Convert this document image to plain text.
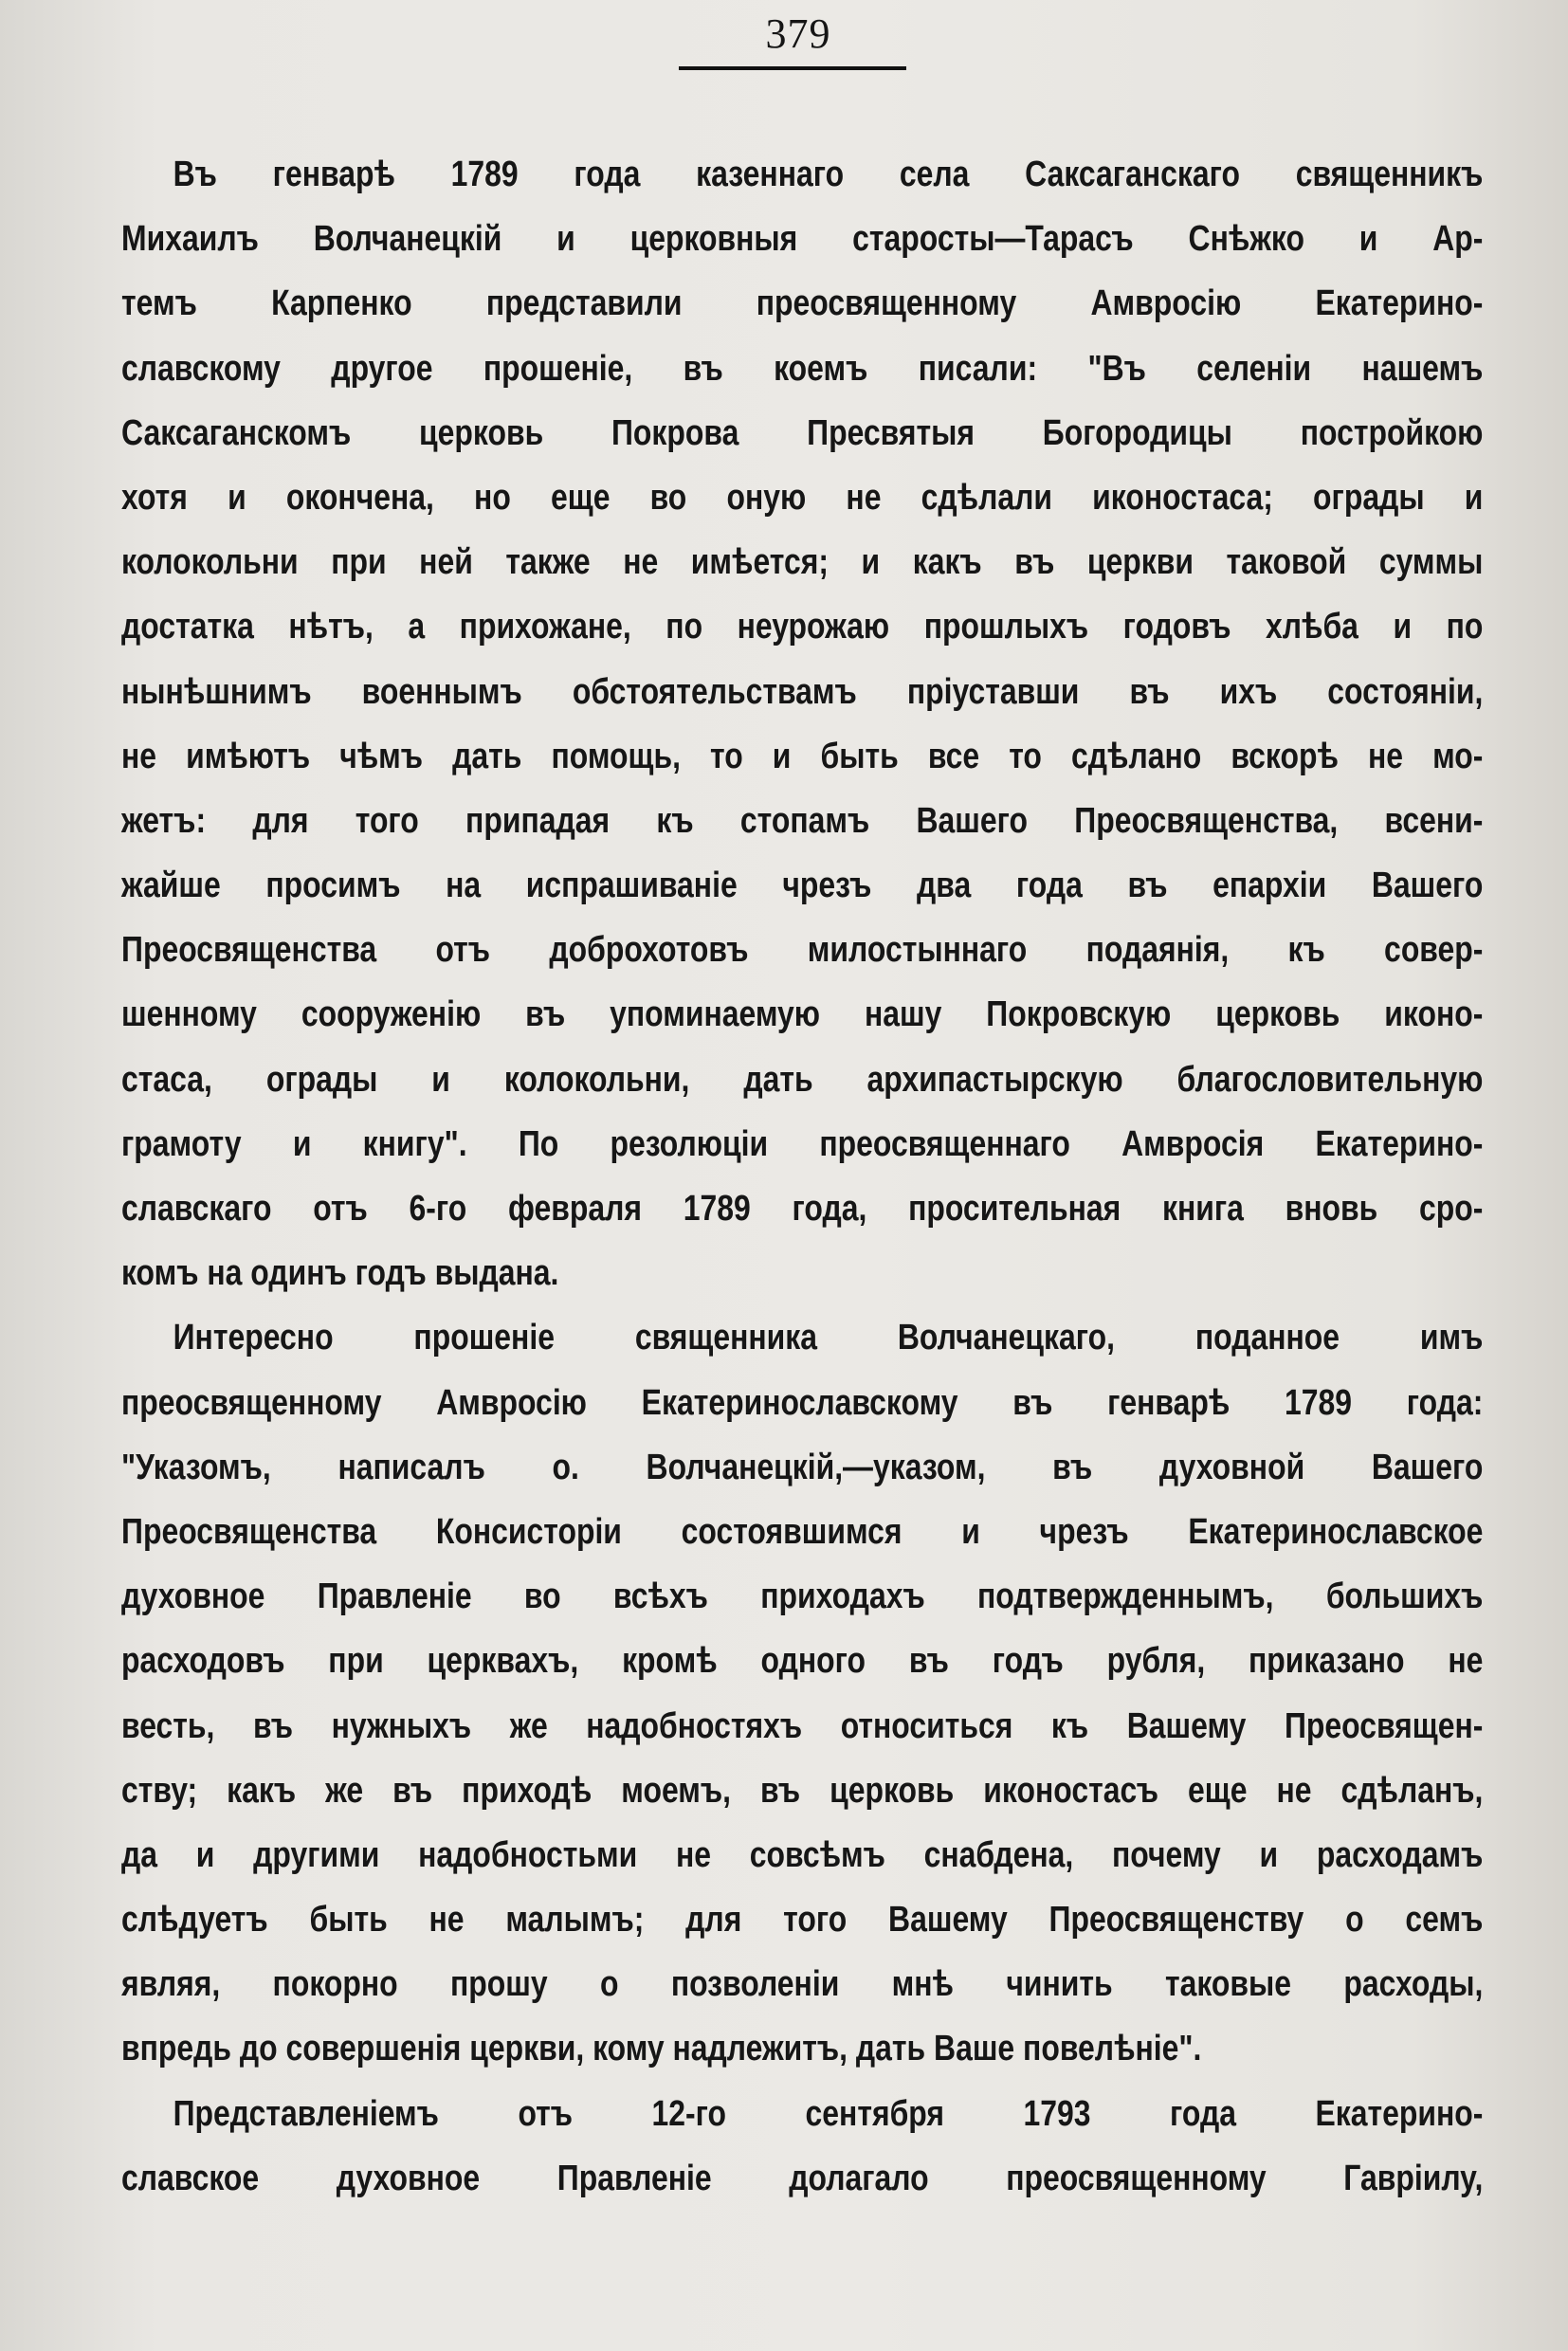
379
Въ генварѣ 1789 года казеннаго села Саксаганскаго священникъ
Михаилъ Волчанецкій и церковныя старосты—Тарасъ Снѣжко и Ар-
темъ Карпенко представили преосвященному Амвросію Екатерино-
славскому другое прошеніе, въ коемъ писали: "Въ селеніи нашемъ
Саксаганскомъ церковь Покрова Пресвятыя Богородицы постройкою
хотя и окончена, но еще во оную не сдѣлали иконостаса; ограды и
колокольни при ней также не имѣется; и какъ въ церкви таковой суммы
достатка нѣтъ, а прихожане, по неурожаю прошлыхъ годовъ хлѣба и по
нынѣшнимъ военнымъ обстоятельствамъ пріуставши въ ихъ состояніи,
не имѣютъ чѣмъ дать помощь, то и быть все то сдѣлано вскорѣ не мо-
жетъ: для того припадая къ стопамъ Вашего Преосвященства, всени-
жайше просимъ на испрашиваніе чрезъ два года въ епархіи Вашего
Преосвященства отъ доброхотовъ милостыннаго подаянія, къ совер-
шенному сооруженію въ упоминаемую нашу Покровскую церковь иконо-
стаса, ограды и колокольни, дать архипастырскую благословительную
грамоту и книгу". По резолюціи преосвященнаго Амвросія Екатерино-
славскаго отъ 6-го февраля 1789 года, просительная книга вновь сро-
комъ на одинъ годъ выдана.
Интересно прошеніе священника Волчанецкаго, поданное имъ
преосвященному Амвросію Екатеринославскому въ генварѣ 1789 года:
"Указомъ, написалъ о. Волчанецкій,—указом, въ духовной Вашего
Преосвященства Консисторіи состоявшимся и чрезъ Екатеринославское
духовное Правленіе во всѣхъ приходахъ подтвержденнымъ, большихъ
расходовъ при церквахъ, кромѣ одного въ годъ рубля, приказано не
весть, въ нужныхъ же надобностяхъ относиться къ Вашему Преосвящен-
ству; какъ же въ приходѣ моемъ, въ церковь иконостасъ еще не сдѣланъ,
да и другими надобностьми не совсѣмъ снабдена, почему и расходамъ
слѣдуетъ быть не малымъ; для того Вашему Преосвященству о семъ
являя, покорно прошу о позволеніи мнѣ чинить таковые расходы,
впредь до совершенія церкви, кому надлежитъ, дать Ваше повелѣніе".
Представленіемъ отъ 12-го сентября 1793 года Екатерино-
славское духовное Правленіе долагало преосвященному Гавріилу,
